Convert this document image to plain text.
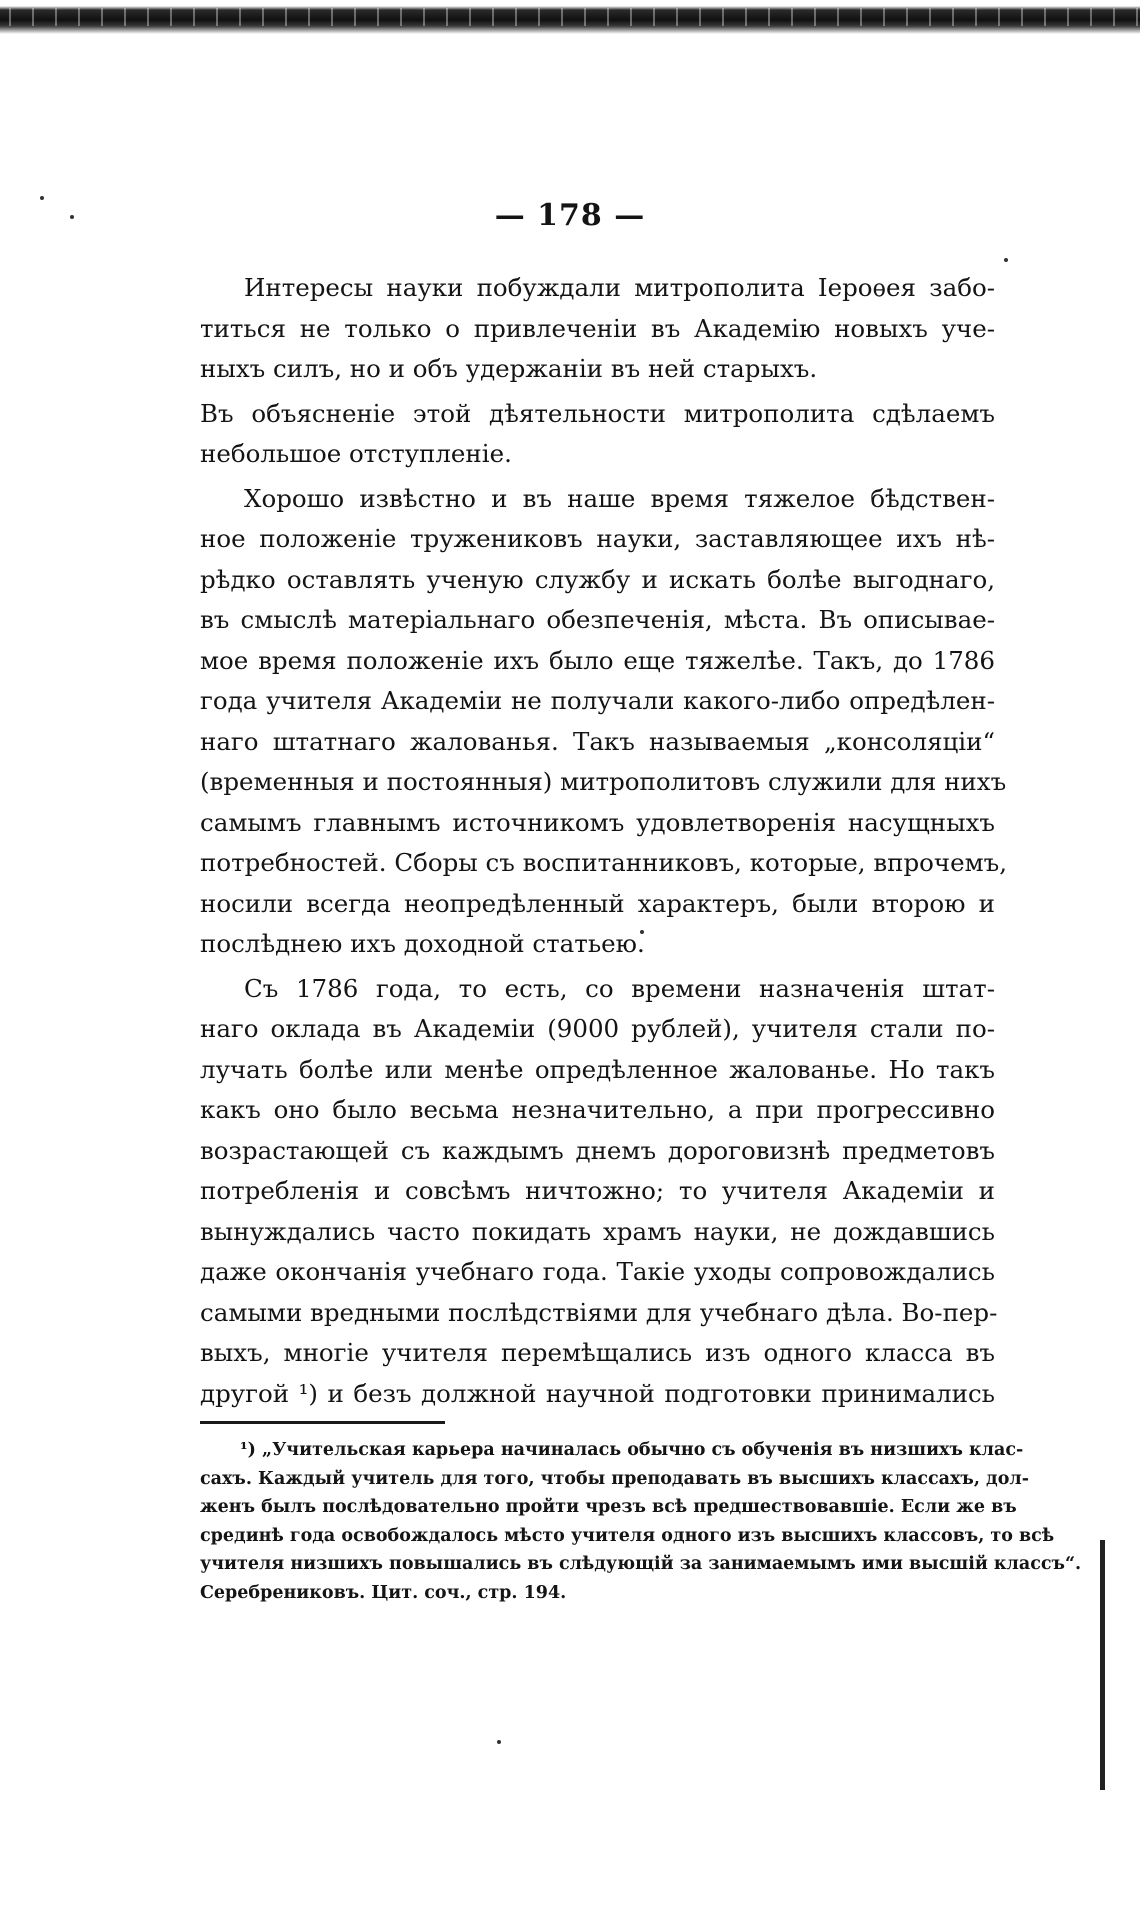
— 178 —
Интересы науки побуждали митрополита Іероѳея забо-
титься не только о привлеченіи въ Академію новыхъ уче-
ныхъ силъ, но и объ удержаніи въ ней старыхъ.
Въ объясненіе этой дѣятельности митрополита сдѣлаемъ
небольшое отступленіе.
Хорошо извѣстно и въ наше время тяжелое бѣдствен-
ное положеніе тружениковъ науки, заставляющее ихъ нѣ-
рѣдко оставлять ученую службу и искать болѣе выгоднаго,
въ смыслѣ матеріальнаго обезпеченія, мѣста. Въ описывае-
мое время положеніе ихъ было еще тяжелѣе. Такъ, до 1786
года учителя Академіи не получали какого-либо опредѣлен-
наго штатнаго жалованья. Такъ называемыя „консоляціи“
(временныя и постоянныя) митрополитовъ служили для нихъ
самымъ главнымъ источникомъ удовлетворенія насущныхъ
потребностей. Сборы съ воспитанниковъ, которые, впрочемъ,
носили всегда неопредѣленный характеръ, были второю и
послѣднею ихъ доходной статьею.
Съ 1786 года, то есть, со времени назначенія штат-
наго оклада въ Академіи (9000 рублей), учителя стали по-
лучать болѣе или менѣе опредѣленное жалованье. Но такъ
какъ оно было весьма незначительно, а при прогрессивно
возрастающей съ каждымъ днемъ дороговизнѣ предметовъ
потребленія и совсѣмъ ничтожно; то учителя Академіи и
вынуждались часто покидать храмъ науки, не дождавшись
даже окончанія учебнаго года. Такіе уходы сопровождались
самыми вредными послѣдствіями для учебнаго дѣла. Во-пер-
выхъ, многіе учителя перемѣщались изъ одного класса въ
другой ¹) и безъ должной научной подготовки принимались
¹) „Учительская карьера начиналась обычно съ обученія въ низшихъ клас-
сахъ. Каждый учитель для того, чтобы преподавать въ высшихъ классахъ, дол-
женъ былъ послѣдовательно пройти чрезъ всѣ предшествовавшіе. Если же въ
срединѣ года освобождалось мѣсто учителя одного изъ высшихъ классовъ, то всѣ
учителя низшихъ повышались въ слѣдующій за занимаемымъ ими высшій классъ“.
Серебрениковъ. Цит. соч., стр. 194.
